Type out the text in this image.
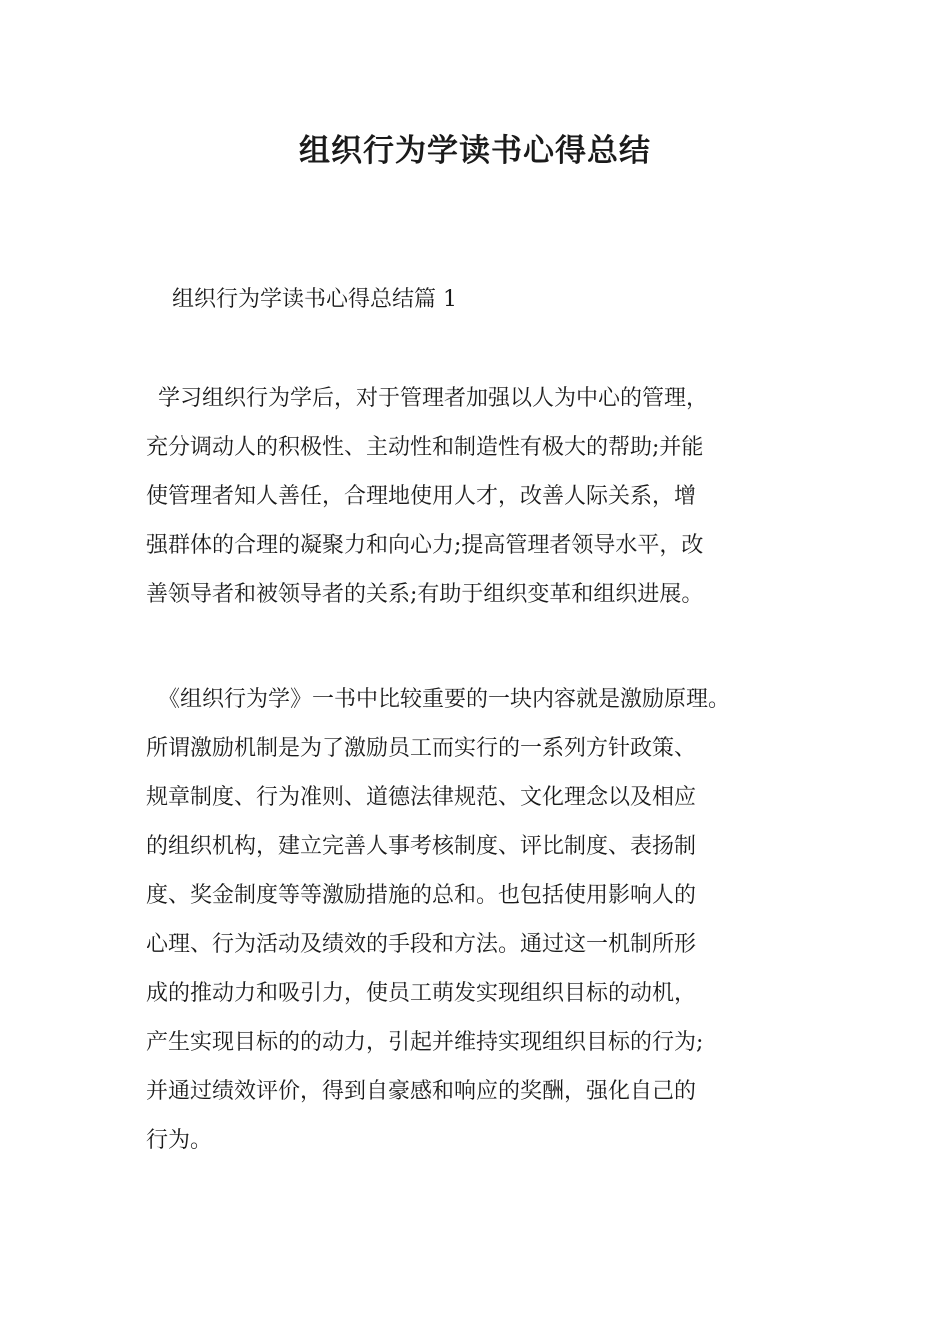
组织行为学读书心得总结

组织行为学读书心得总结篇 1

学习组织行为学后，对于管理者加强以人为中心的管理，
充分调动人的积极性、主动性和制造性有极大的帮助;并能
使管理者知人善任，合理地使用人才，改善人际关系，增
强群体的合理的凝聚力和向心力;提高管理者领导水平，改
善领导者和被领导者的关系;有助于组织变革和组织进展。
《组织行为学》一书中比较重要的一块内容就是激励原理。
所谓激励机制是为了激励员工而实行的一系列方针政策、
规章制度、行为准则、道德法律规范、文化理念以及相应
的组织机构，建立完善人事考核制度、评比制度、表扬制
度、奖金制度等等激励措施的总和。也包括使用影响人的
心理、行为活动及绩效的手段和方法。通过这一机制所形
成的推动力和吸引力，使员工萌发实现组织目标的动机，
产生实现目标的的动力，引起并维持实现组织目标的行为;
并通过绩效评价，得到自豪感和响应的奖酬，强化自己的
行为。
